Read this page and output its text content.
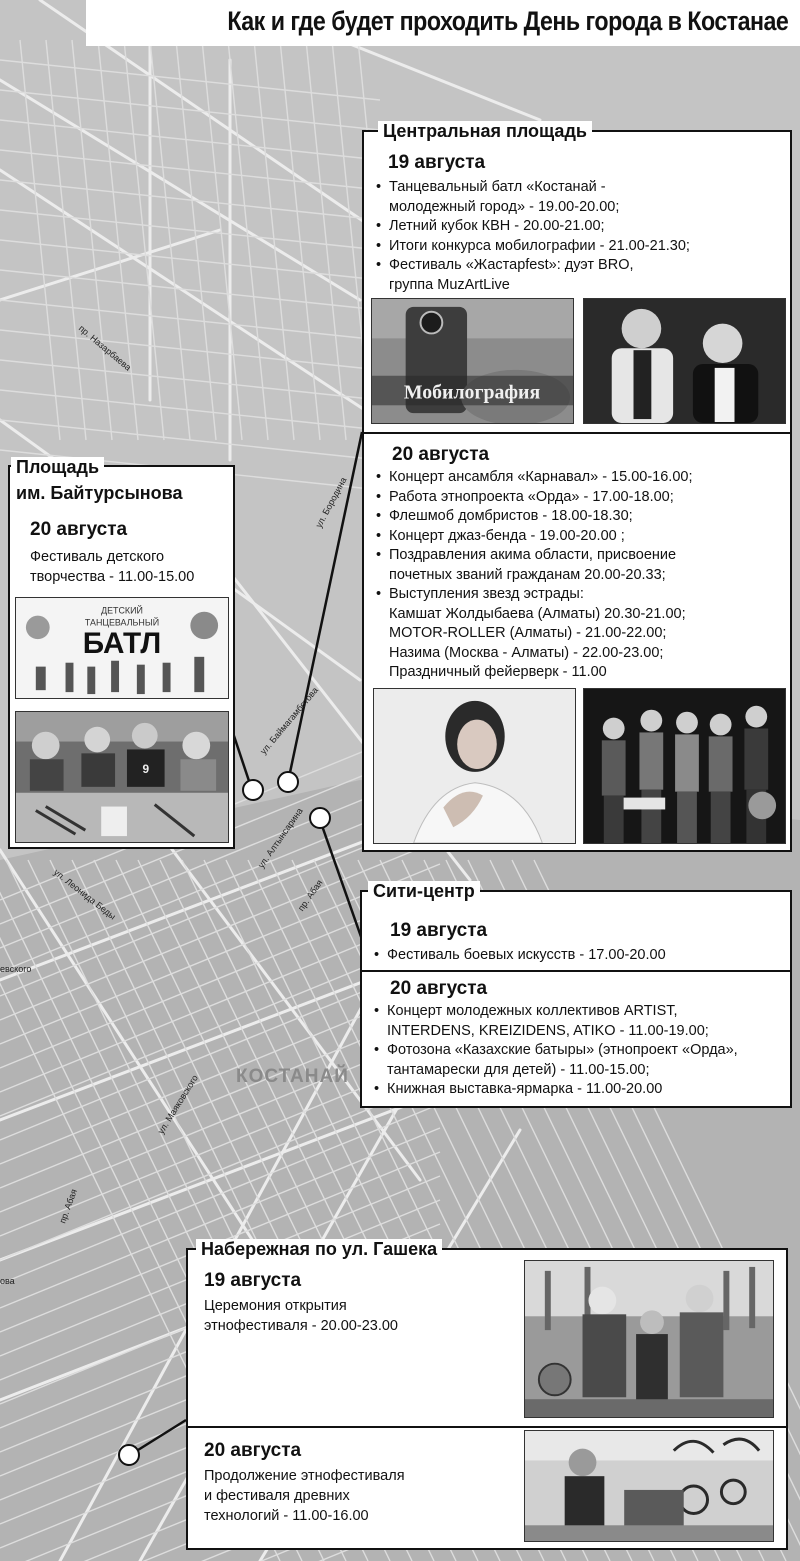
пр. Назарбаева
ул. Бородина
ул. Баймагамбетова
ул. Алтынсарина
пр. Абая
ул. Леонида Беды
ул. Маяковского
пр. Абая
евского
ова
КОСТАНАЙ
Как и где будет проходить День города в Костанае
19 августа
• Танцевальный батл «Костанай -
молодежный город» - 19.00-20.00;
• Летний кубок КВН - 20.00-21.00;
• Итоги конкурса мобилографии - 21.00-21.30;
• Фестиваль «Жастарfest»: дуэт BRO,
группа MuzArtLive
Мобилография
20 августа
• Концерт ансамбля «Карнавал» - 15.00-16.00;
• Работа этнопроекта «Орда» - 17.00-18.00;
• Флешмоб домбристов - 18.00-18.30;
• Концерт джаз-бенда - 19.00-20.00 ;
• Поздравления акима области, присвоение
почетных званий гражданам 20.00-20.33;
• Выступления звезд эстрады:
Камшат Жолдыбаева (Алматы) 20.30-21.00;
MOTOR-ROLLER (Алматы) - 21.00-22.00;
Назима (Москва - Алматы) - 22.00-23.00;
Праздничный фейерверк - 11.00
Центральная площадь
20 августа
Фестиваль детского
творчества - 11.00-15.00
ДЕТСКИЙ
ТАНЦЕВАЛЬНЫЙ
БАТЛ
9
Площадь
им. Байтурсынова
19 августа
• Фестиваль боевых искусств - 17.00-20.00
20 августа
• Концерт молодежных коллективов ARTIST,
INTERDENS, KREIZIDENS, ATIKO - 11.00-19.00;
• Фотозона «Казахские батыры» (этнопроект «Орда»,
тантамарески для детей) - 11.00-15.00;
• Книжная выставка-ярмарка - 11.00-20.00
Сити-центр
19 августа
Церемония открытия
этнофестиваля - 20.00-23.00
20 августа
Продолжение этнофестиваля
и фестиваля древних
технологий - 11.00-16.00
Набережная по ул. Гашека
